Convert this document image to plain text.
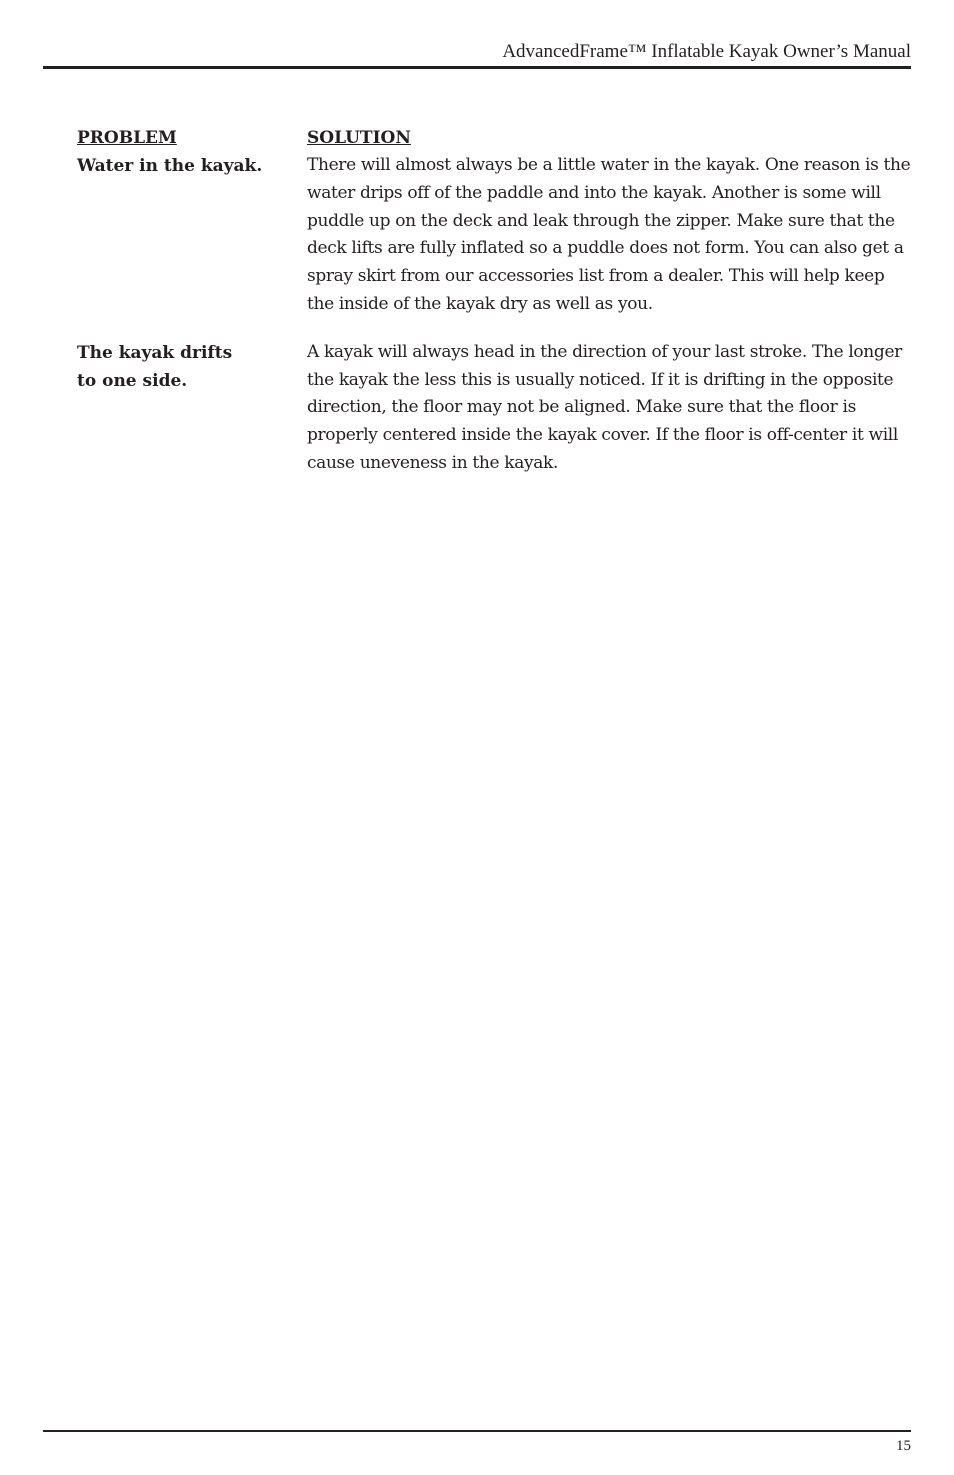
AdvancedFrame™ Inflatable Kayak Owner’s Manual
PROBLEM	SOLUTION

Water in the kayak.	There will almost always be a little water in the kayak. One reason is the water drips off of the paddle and into the kayak. Another is some will puddle up on the deck and leak through the zipper. Make sure that the deck lifts are fully inflated so a puddle does not form. You can also get a spray skirt from our accessories list from a dealer. This will help keep the inside of the kayak dry as well as you.

The kayak drifts to one side.

A kayak will always head in the direction of your last stroke. The longer the kayak the less this is usually noticed. If it is drifting in the opposite direction, the floor may not be aligned. Make sure that the floor is properly centered inside the kayak cover. If the floor is off-center it will cause uneveness in the kayak.

15
